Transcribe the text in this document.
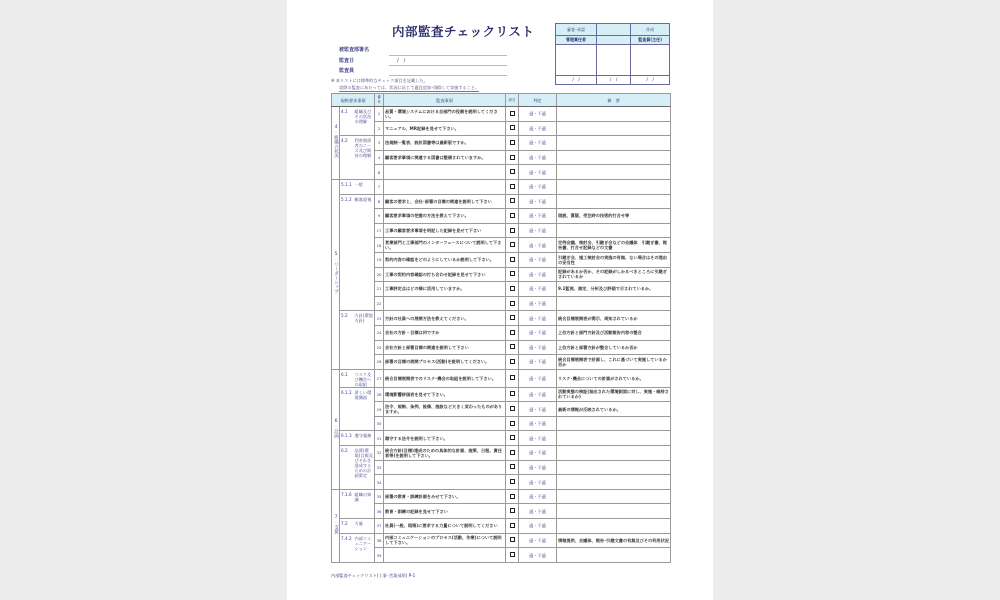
内部監査チェックリスト
被監査部署名
監査日	/　/
監査員
※ 本リストには標準的なチェック項目を記載した。
実際の監査にあたっては、状況に応じて適宜追加･削除して実施すること。
審査･承認		作成
管理責任者		監査員(主任)

/　/	/　/	/　/
規格要求事項			番号	監査事項	該当	判定	摘　要
4.組織の状況	4.1	組織及びその状況の理解	1	品質・環境システムにおける自部門の役割を説明してください。		適・不適	
			2	マニュアル、MR記録を見せて下さい。		適・不適	
	4.2	利害関係者のニーズ及び期待の理解	3	法規制一覧表、設計図書等は最新版ですか。		適・不適	
			4	顧客要求事項に関連する図書は整備されていますか。		適・不適	
			6			適・不適	
5.リーダーシップ	5.1.1	一般	7			適・不適	
	5.1.2	顧客重視	8	顧客の要求と、会社･部署の目標の関連を説明して下さい		適・不適	
			9	顧客要求事項の把握の方法を教えて下さい。		適・不適	現説、質疑、受注時の技術的打合せ等
			17	工事の顧客要求事項を明記した記録を見せて下さい		適・不適	
			18	営業部門と工事部門のインターフェースについて説明して下さい。		適・不適	定例会議、検討会、引継ぎ会などの会議体　引継ぎ書、報告書、打合せ記録などの文書
			19	契約内容の確認をどのようにしているか説明して下さい。		適・不適	引継ぎ会、施工検討会の実施の有無、ない場合はその理由の妥当性
			20	工事の契約内容確認の打ち合わせ記録を見せて下さい		適・不適	記録があるか否か、その記録がしかるべきところに引継ぎされているか
			21	工事評定点はどの様に活用していますか。		適・不適	9.1監視、測定、分析及び評価で示されているか。
			22			適・不適	
	5.2	方針(環境方針)	23	方針の社員への展開方法を教えてください。		適・不適	統合目標展開表が掲示、周知されているか
			24	会社の方針・目標は何ですか		適・不適	上位方針と部門方針及び活動報告内容の整合
			25	会社方針と部署目標の関連を説明して下さい		適・不適	上位方針と部署方針が整合しているか否か
			26	部署の目標の展開プロセス(活動)を説明してください。		適・不適	統合目標展開表で計画し、これに基づいて実施しているか否か
6.計画	6.1	リスク及び機会への取組	27	統合目標展開表でのリスク･機会の取組を説明して下さい。		適・不適	リスク･機会についての計画がされているか。
	6.1.2	著しい環境側面	28	環境影響評価表を見せて下さい。		適・不適	活動実態の検証(抽出された環境側面に対し、実施・維持されているか)
			29	法令、規制、条例、設備、施設など大きく変わったものがありますか。		適・不適	最新の情報が反映されているか。
			30			適・不適	
	6.1.3	遵守義務	31	順守する法令を説明して下さい。		適・不適	
	6.2	品質(環境)目標及びそれを達成するための計画策定	32	統合方針(目標)達成のための具体的な計画、施策、日程、責任者等)を説明して下さい。		適・不適	
			33			適・不適	
			34			適・不適	
7.支援	7.1.6	組織の知識	35	部署の教育・訓練計画をみせて下さい。		適・不適	
			36	教育・訓練の記録を見せて下さい		適・不適	
	7.2	力量	37	社員(一般、現場)に要求する力量について説明してください		適・不適	
	7.4.2	内部コミュニケーション	38	内部コミュニケーションのプロセス(活動、作業)について説明して下さい。		適・不適	情報提供、会議体、報告･引継文書の有無及びその利用状況
			39			適・不適	
内部監査チェックリスト(工事･営業部用) P-1
